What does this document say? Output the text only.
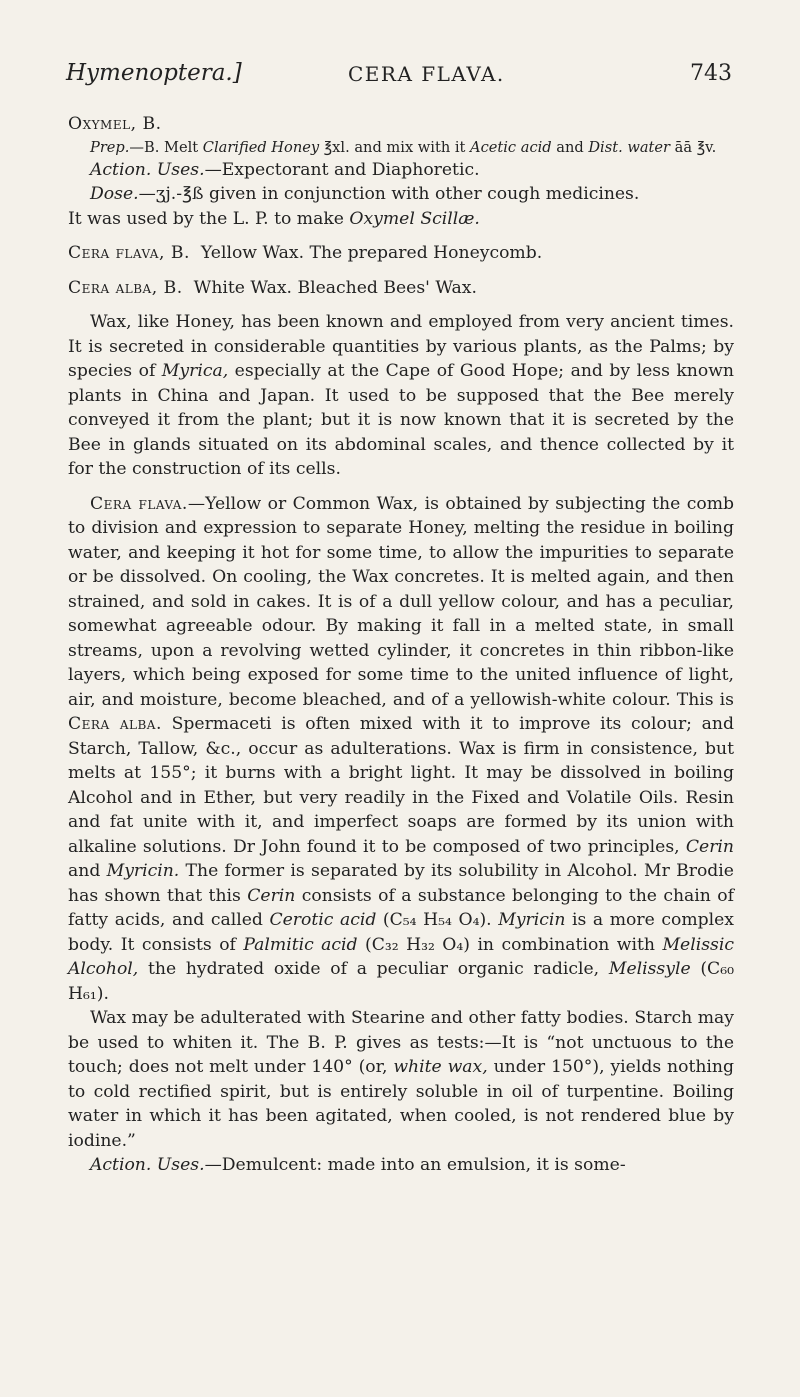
Hymenoptera.]	CERA FLAVA.	743

Oxymel, B.

Prep.—B. Melt Clarified Honey ℥xl. and mix with it Acetic acid and Dist. water āā ℥v.

Action. Uses.—Expectorant and Diaphoretic.

Dose.—ʒj.-℥ß given in conjunction with other cough medicines.

It was used by the L. P. to make Oxymel Scillæ.

Cera flava, B. Yellow Wax. The prepared Honeycomb.

Cera alba, B. White Wax. Bleached Bees' Wax.

Wax, like Honey, has been known and employed from very ancient times. It is secreted in considerable quantities by various plants, as the Palms; by species of Myrica, especially at the Cape of Good Hope; and by less known plants in China and Japan. It used to be supposed that the Bee merely conveyed it from the plant; but it is now known that it is secreted by the Bee in glands situated on its abdominal scales, and thence collected by it for the construction of its cells.

Cera flava.—Yellow or Common Wax, is obtained by subjecting the comb to division and expression to separate Honey, melting the residue in boiling water, and keeping it hot for some time, to allow the impurities to separate or be dissolved. On cooling, the Wax concretes. It is melted again, and then strained, and sold in cakes. It is of a dull yellow colour, and has a peculiar, somewhat agreeable odour. By making it fall in a melted state, in small streams, upon a revolving wetted cylinder, it concretes in thin ribbon-like layers, which being exposed for some time to the united influence of light, air, and moisture, become bleached, and of a yellowish-white colour. This is Cera alba. Spermaceti is often mixed with it to improve its colour; and Starch, Tallow, &c., occur as adulterations. Wax is firm in consistence, but melts at 155°; it burns with a bright light. It may be dissolved in boiling Alcohol and in Ether, but very readily in the Fixed and Volatile Oils. Resin and fat unite with it, and imperfect soaps are formed by its union with alkaline solutions. Dr John found it to be composed of two principles, Cerin and Myricin. The former is separated by its solubility in Alcohol. Mr Brodie has shown that this Cerin consists of a substance belonging to the chain of fatty acids, and called Cerotic acid (C₅₄ H₅₄ O₄). Myricin is a more complex body. It consists of Palmitic acid (C₃₂ H₃₂ O₄) in combination with Melissic Alcohol, the hydrated oxide of a peculiar organic radicle, Melissyle (C₆₀ H₆₁).

Wax may be adulterated with Stearine and other fatty bodies. Starch may be used to whiten it. The B. P. gives as tests:—It is “not unctuous to the touch; does not melt under 140° (or, white wax, under 150°), yields nothing to cold rectified spirit, but is entirely soluble in oil of turpentine. Boiling water in which it has been agitated, when cooled, is not rendered blue by iodine.”

Action. Uses.—Demulcent: made into an emulsion, it is some-
